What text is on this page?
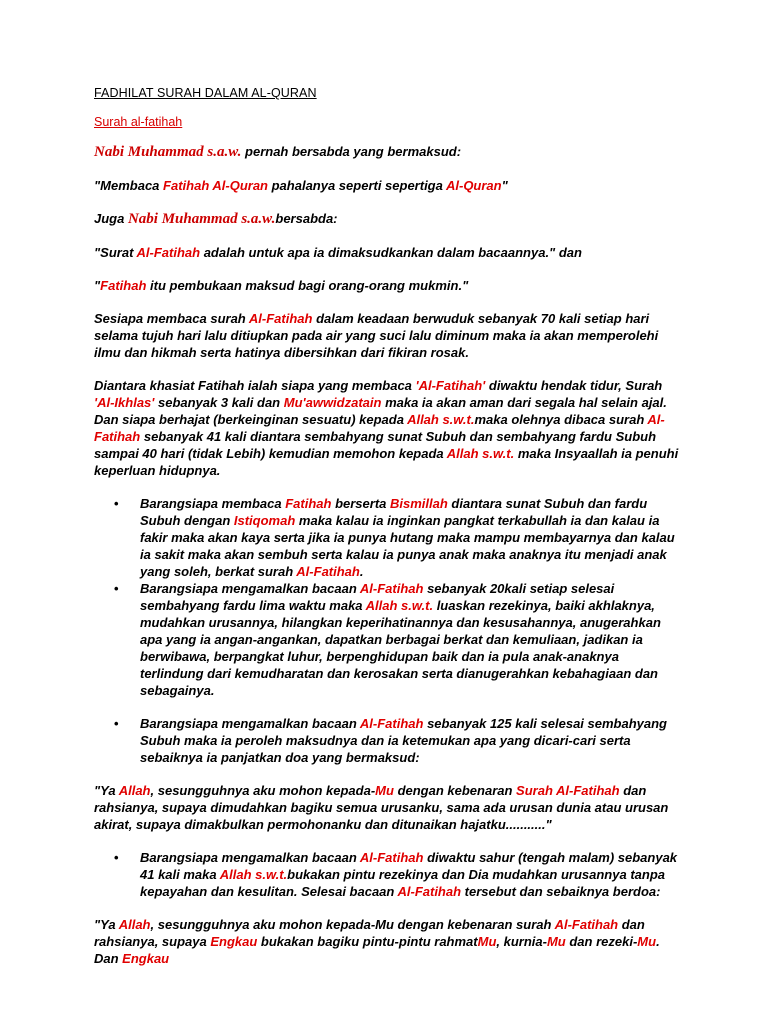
FADHILAT SURAH DALAM AL-QURAN
Surah al-fatihah

Nabi Muhammad s.a.w. pernah bersabda yang bermaksud:

"Membaca Fatihah Al-Quran pahalanya seperti sepertiga Al-Quran"

Juga Nabi Muhammad s.a.w.bersabda:

"Surat Al-Fatihah adalah untuk apa ia dimaksudkankan dalam bacaannya." dan

"Fatihah itu pembukaan maksud bagi orang-orang mukmin."

Sesiapa membaca surah Al-Fatihah dalam keadaan berwuduk sebanyak 70 kali setiap hari selama tujuh hari lalu ditiupkan pada air yang suci lalu diminum maka ia akan memperolehi ilmu dan hikmah serta hatinya dibersihkan dari fikiran rosak.

Diantara khasiat Fatihah ialah siapa yang membaca 'Al-Fatihah' diwaktu hendak tidur, Surah 'Al-Ikhlas' sebanyak 3 kali dan Mu'awwidzatain maka ia akan aman dari segala hal selain ajal. Dan siapa berhajat (berkeinginan sesuatu) kepada Allah s.w.t.maka olehnya dibaca surah Al-Fatihah sebanyak 41 kali diantara sembahyang sunat Subuh dan sembahyang fardu Subuh sampai 40 hari (tidak Lebih) kemudian memohon kepada Allah s.w.t. maka Insyaallah ia penuhi keperluan hidupnya.

• Barangsiapa membaca Fatihah berserta Bismillah diantara sunat Subuh dan fardu Subuh dengan Istiqomah maka kalau ia inginkan pangkat terkabullah ia dan kalau ia fakir maka akan kaya serta jika ia punya hutang maka mampu membayarnya dan kalau ia sakit maka akan sembuh serta kalau ia punya anak maka anaknya itu menjadi anak yang soleh, berkat surah Al-Fatihah.
• Barangsiapa mengamalkan bacaan Al-Fatihah sebanyak 20kali setiap selesai sembahyang fardu lima waktu maka Allah s.w.t. luaskan rezekinya, baiki akhlaknya, mudahkan urusannya, hilangkan keperihatinannya dan kesusahannya, anugerahkan apa yang ia angan-angankan, dapatkan berbagai berkat dan kemuliaan, jadikan ia berwibawa, berpangkat luhur, berpenghidupan baik dan ia pula anak-anaknya terlindung dari kemudharatan dan kerosakan serta dianugerahkan kebahagiaan dan sebagainya.
• Barangsiapa mengamalkan bacaan Al-Fatihah sebanyak 125 kali selesai sembahyang Subuh maka ia peroleh maksudnya dan ia ketemukan apa yang dicari-cari serta sebaiknya ia panjatkan doa yang bermaksud:

"Ya Allah, sesungguhnya aku mohon kepada-Mu dengan kebenaran Surah Al-Fatihah dan rahsianya, supaya dimudahkan bagiku semua urusanku, sama ada urusan dunia atau urusan akirat, supaya dimakbulkan permohonanku dan ditunaikan hajatku..........."

• Barangsiapa mengamalkan bacaan Al-Fatihah diwaktu sahur (tengah malam) sebanyak 41 kali maka Allah s.w.t.bukakan pintu rezekinya dan Dia mudahkan urusannya tanpa kepayahan dan kesulitan. Selesai bacaan Al-Fatihah tersebut dan sebaiknya berdoa:

"Ya Allah, sesungguhnya aku mohon kepada-Mu dengan kebenaran surah Al-Fatihah dan rahsianya, supaya Engkau bukakan bagiku pintu-pintu rahmatMu, kurnia-Mu dan rezeki-Mu. Dan Engkau
